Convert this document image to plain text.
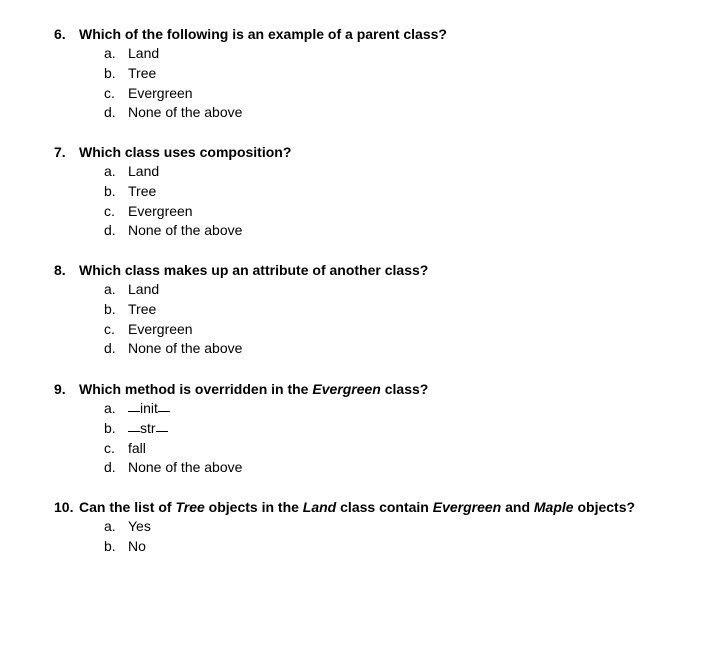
6. Which of the following is an example of a parent class?
a. Land
b. Tree
c. Evergreen
d. None of the above
7. Which class uses composition?
a. Land
b. Tree
c. Evergreen
d. None of the above
8. Which class makes up an attribute of another class?
a. Land
b. Tree
c. Evergreen
d. None of the above
9. Which method is overridden in the Evergreen class?
a. init
b. str
c. fall
d. None of the above
10. Can the list of Tree objects in the Land class contain Evergreen and Maple objects?
a. Yes
b. No
